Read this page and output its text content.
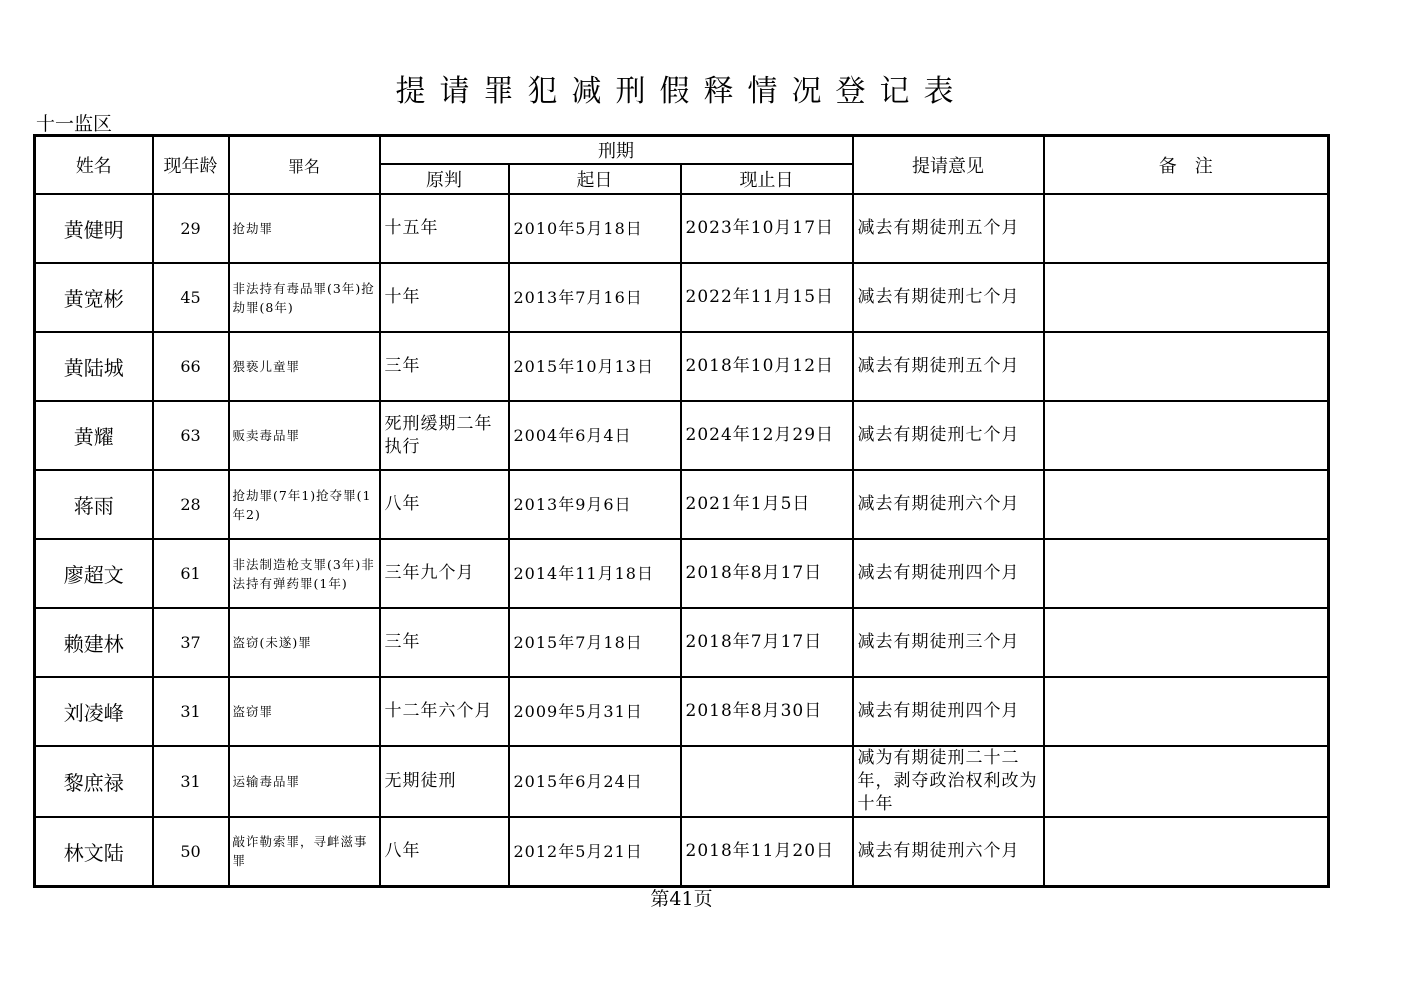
提请罪犯减刑假释情况登记表
十一监区
姓名	现年龄	罪名	刑期			提请意见	备　注
			原判	起日	现止日		
黄健明	29	抢劫罪	十五年	2010年5月18日	2023年10月17日	减去有期徒刑五个月	
黄宽彬	45	非法持有毒品罪(3年)抢劫罪(8年)	十年	2013年7月16日	2022年11月15日	减去有期徒刑七个月	
黄陆城	66	猥亵儿童罪	三年	2015年10月13日	2018年10月12日	减去有期徒刑五个月	
黄耀	63	贩卖毒品罪	死刑缓期二年执行	2004年6月4日	2024年12月29日	减去有期徒刑七个月	
蒋雨	28	抢劫罪(7年1)抢夺罪(1年2)	八年	2013年9月6日	2021年1月5日	减去有期徒刑六个月	
廖超文	61	非法制造枪支罪(3年)非法持有弹药罪(1年)	三年九个月	2014年11月18日	2018年8月17日	减去有期徒刑四个月	
赖建林	37	盗窃(未遂)罪	三年	2015年7月18日	2018年7月17日	减去有期徒刑三个月	
刘凌峰	31	盗窃罪	十二年六个月	2009年5月31日	2018年8月30日	减去有期徒刑四个月	
黎庶禄	31	运输毒品罪	无期徒刑	2015年6月24日		减为有期徒刑二十二年，剥夺政治权利改为十年	
林文陆	50	敲诈勒索罪，寻衅滋事罪	八年	2012年5月21日	2018年11月20日	减去有期徒刑六个月	
第41页
